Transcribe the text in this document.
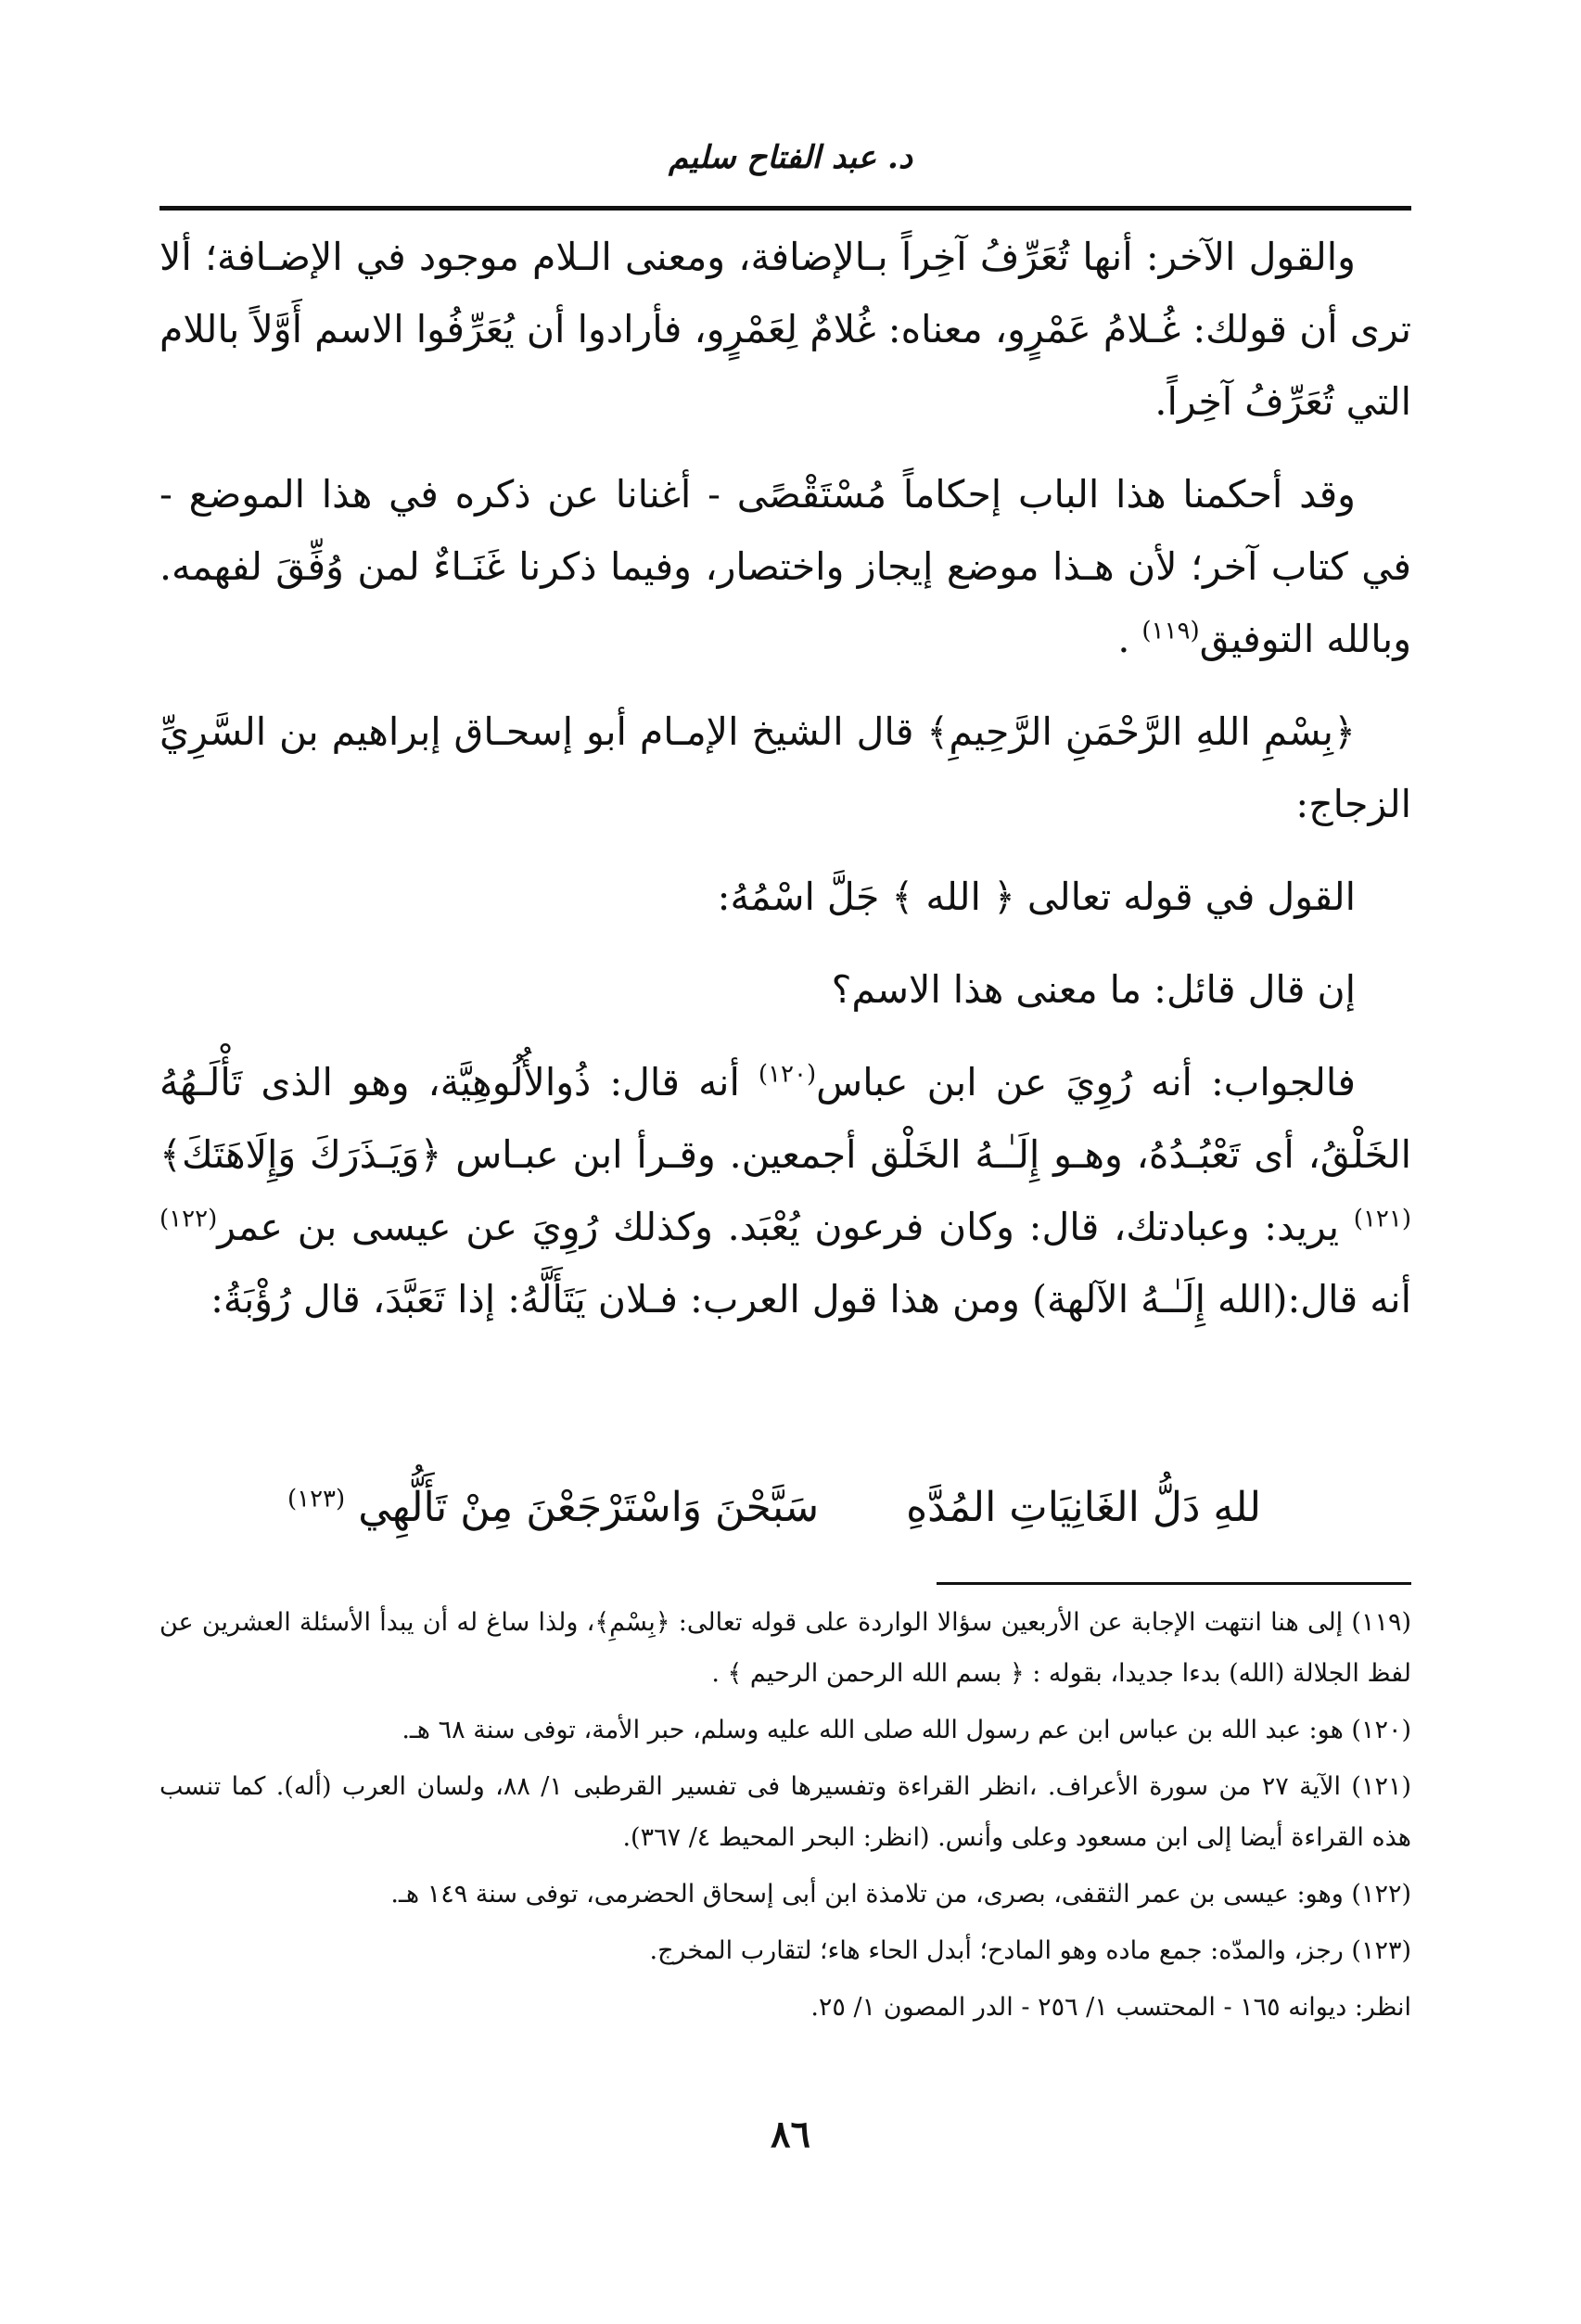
د. عبد الفتاح سليم

والقول الآخر: أنها تُعَرِّفُ آخِراً بـالإضافة، ومعنى الـلام موجود في الإضـافة؛ ألا ترى أن قولك: غُـلامُ عَمْرٍو، معناه: غُلامٌ لِعَمْرٍو، فأرادوا أن يُعَرِّفُوا الاسم أَوَّلاً باللام التي تُعَرِّفُ آخِراً.

وقد أحكمنا هذا الباب إحكاماً مُسْتَقْصًى - أغنانا عن ذكره في هذا الموضع - في كتاب آخر؛ لأن هـذا موضع إيجاز واختصار، وفيما ذكرنا غَنَـاءٌ لمن وُفِّقَ لفهمه. وبالله التوفيق$^{(١١٩)}$ .

﴿بِسْمِ اللهِ الرَّحْمَنِ الرَّحِيمِ﴾ قال الشيخ الإمـام أبو إسحـاق إبراهيم بن السَّرِيِّ الزجاج:

القول في قوله تعالى ﴿ الله ﴾ جَلَّ اسْمُهُ:

إن قال قائل: ما معنى هذا الاسم؟

فالجواب: أنه رُوِيَ عن ابن عباس$^{(١٢٠)}$ أنه قال: ذُوالأُلُوهِيَّة، وهو الذى تَأْلَـهُهُ الخَلْقُ، أى تَعْبُـدُهُ، وهـو إِلَـٰـهُ الخَلْق أجمعين. وقـرأ ابن عبـاس ﴿وَيَـذَرَكَ وَإِلَاهَتَكَ﴾$^{(١٢١)}$ يريد: وعبادتك، قال: وكان فرعون يُعْبَد. وكذلك رُوِيَ عن عيسى بن عمر$^{(١٢٢)}$ أنه قال:(الله إِلَـٰـهُ الآلهة) ومن هذا قول العرب: فـلان يَتَأَلَّهُ: إذا تَعَبَّدَ، قال رُؤْبَةُ:

للهِ دَلُّ الغَانِيَاتِ المُدَّهِ سَبَّحْنَ وَاسْتَرْجَعْنَ مِنْ تَأَلُّهِي $^{(١٢٣)}$

(١١٩) إلى هنا انتهت الإجابة عن الأربعين سؤالا الواردة على قوله تعالى: ﴿بِسْمِ﴾، ولذا ساغ له أن يبدأ الأسئلة العشرين عن لفظ الجلالة (الله) بدءا جديدا، بقوله : ﴿ بسم الله الرحمن الرحيم ﴾ .

(١٢٠) هو: عبد الله بن عباس ابن عم رسول الله صلى الله عليه وسلم، حبر الأمة، توفى سنة ٦٨ هـ.

(١٢١) الآية ٢٧ من سورة الأعراف. ،انظر القراءة وتفسيرها فى تفسير القرطبى ١/ ٨٨، ولسان العرب (أله). كما تنسب هذه القراءة أيضا إلى ابن مسعود وعلى وأنس. (انظر: البحر المحيط ٤/ ٣٦٧).

(١٢٢) وهو: عيسى بن عمر الثقفى، بصرى، من تلامذة ابن أبى إسحاق الحضرمى، توفى سنة ١٤٩ هـ.

(١٢٣) رجز، والمدّه: جمع ماده وهو المادح؛ أبدل الحاء هاء؛ لتقارب المخرج.

انظر: ديوانه ١٦٥ - المحتسب ١/ ٢٥٦ - الدر المصون ١/ ٢٥.

٨٦
